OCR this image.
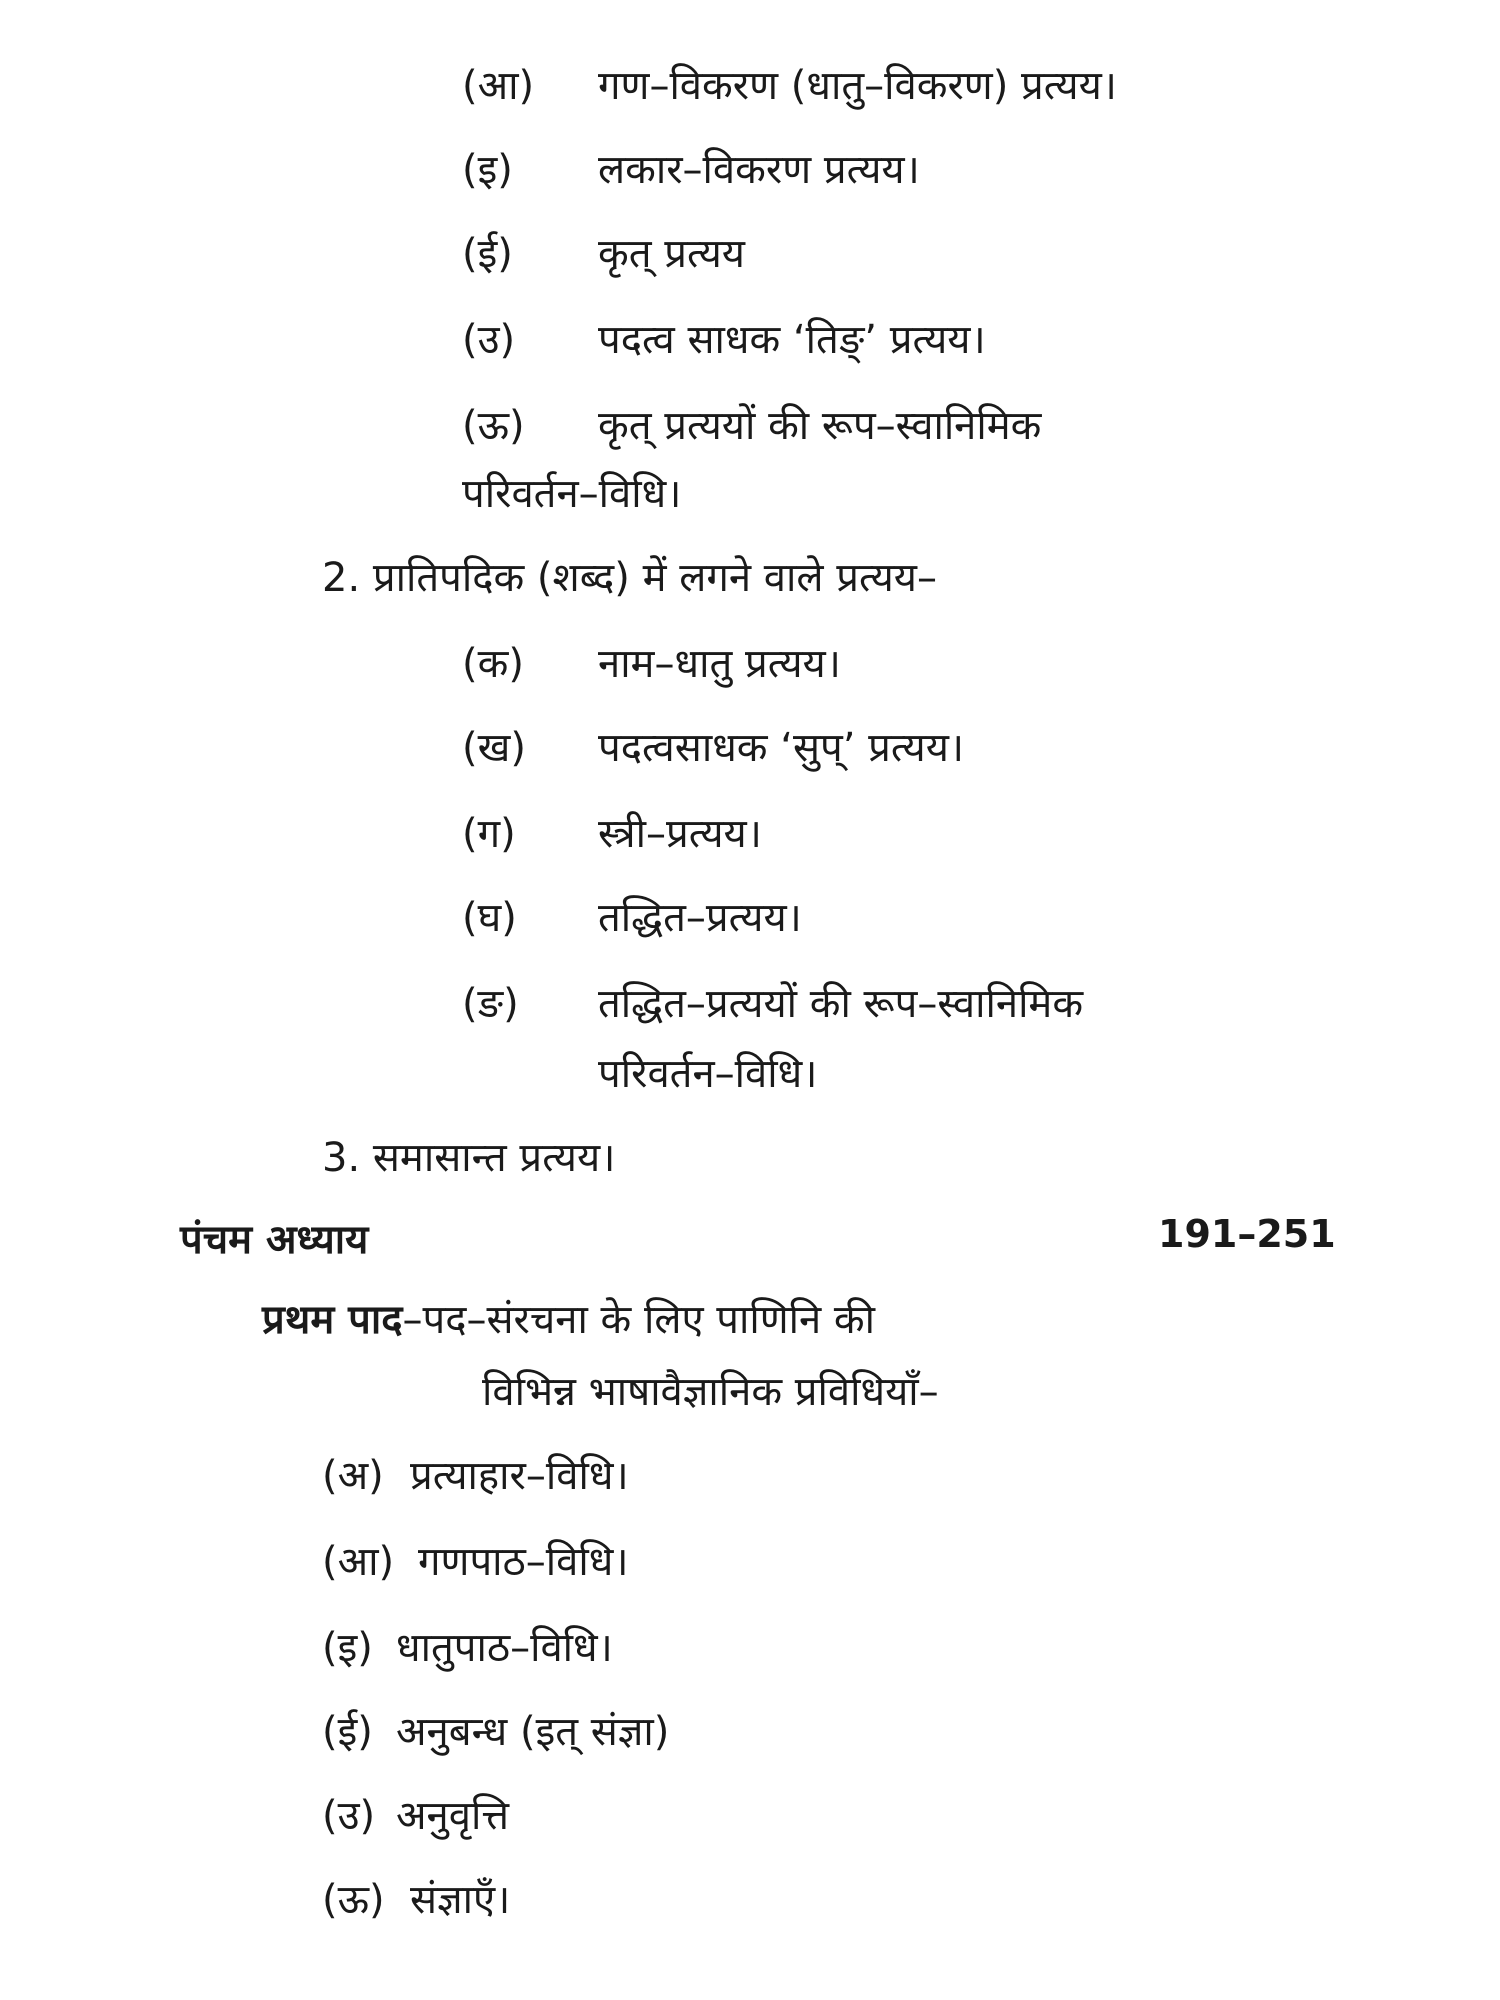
(आ) गण–विकरण (धातु–विकरण) प्रत्यय।
(इ) लकार–विकरण प्रत्यय।
(ई) कृत् प्रत्यय
(उ) पदत्व साधक ‘तिङ्’ प्रत्यय।
(ऊ) कृत् प्रत्ययों की रूप–स्वानिमिक
परिवर्तन–विधि।
2. प्रातिपदिक (शब्द) में लगने वाले प्रत्यय–
(क) नाम–धातु प्रत्यय।
(ख) पदत्वसाधक ‘सुप्’ प्रत्यय।
(ग) स्त्री–प्रत्यय।
(घ) तद्धित–प्रत्यय।
(ङ) तद्धित–प्रत्ययों की रूप–स्वानिमिक
परिवर्तन–विधि।
3. समासान्त प्रत्यय।
पंचम अध्याय	191–251
प्रथम पाद–पद–संरचना के लिए पाणिनि की
विभिन्न भाषावैज्ञानिक प्रविधियाँ–
(अ) प्रत्याहार–विधि।
(आ) गणपाठ–विधि।
(इ) धातुपाठ–विधि।
(ई) अनुबन्ध (इत् संज्ञा)
(उ) अनुवृत्ति
(ऊ) संज्ञाएँ।
